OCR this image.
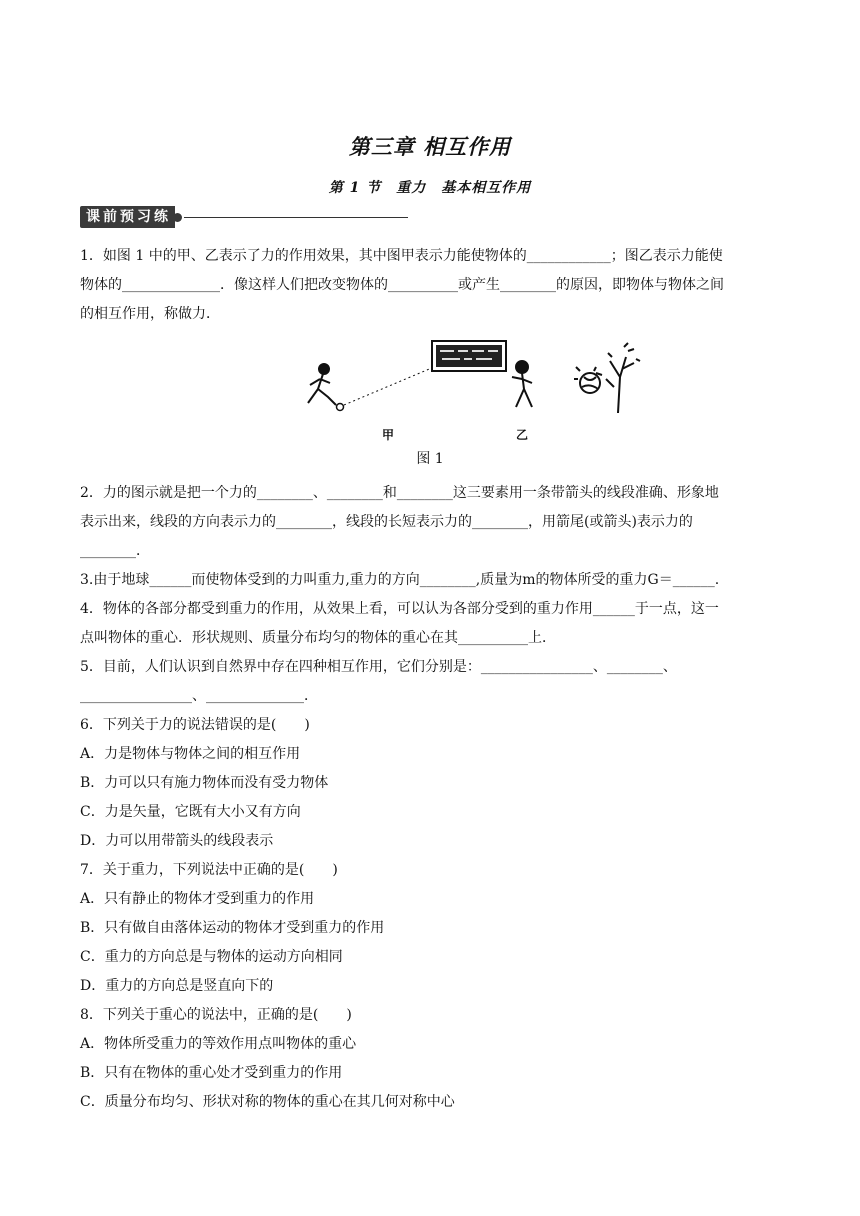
第三章 相互作用
第 1 节　重力　基本相互作用
课前预习练

1．如图 1 中的甲、乙表示了力的作用效果，其中图甲表示力能使物体的____________；图乙表示力能使

物体的______________．像这样人们把改变物体的__________或产生________的原因，即物体与物体之间

的相互作用，称做力．

甲	乙
图 1

2．力的图示就是把一个力的________、________和________这三要素用一条带箭头的线段准确、形象地

表示出来，线段的方向表示力的________，线段的长短表示力的________，用箭尾(或箭头)表示力的

________．

3.由于地球______而使物体受到的力叫重力,重力的方向________,质量为m的物体所受的重力G＝______.

4．物体的各部分都受到重力的作用，从效果上看，可以认为各部分受到的重力作用______于一点，这一

点叫物体的重心．形状规则、质量分布均匀的物体的重心在其__________上．

5．目前，人们认识到自然界中存在四种相互作用，它们分别是：________________、________、

________________、______________．

6．下列关于力的说法错误的是(　　)

A．力是物体与物体之间的相互作用

B．力可以只有施力物体而没有受力物体

C．力是矢量，它既有大小又有方向

D．力可以用带箭头的线段表示

7．关于重力，下列说法中正确的是(　　)

A．只有静止的物体才受到重力的作用

B．只有做自由落体运动的物体才受到重力的作用

C．重力的方向总是与物体的运动方向相同

D．重力的方向总是竖直向下的

8．下列关于重心的说法中，正确的是(　　)

A．物体所受重力的等效作用点叫物体的重心

B．只有在物体的重心处才受到重力的作用

C．质量分布均匀、形状对称的物体的重心在其几何对称中心
